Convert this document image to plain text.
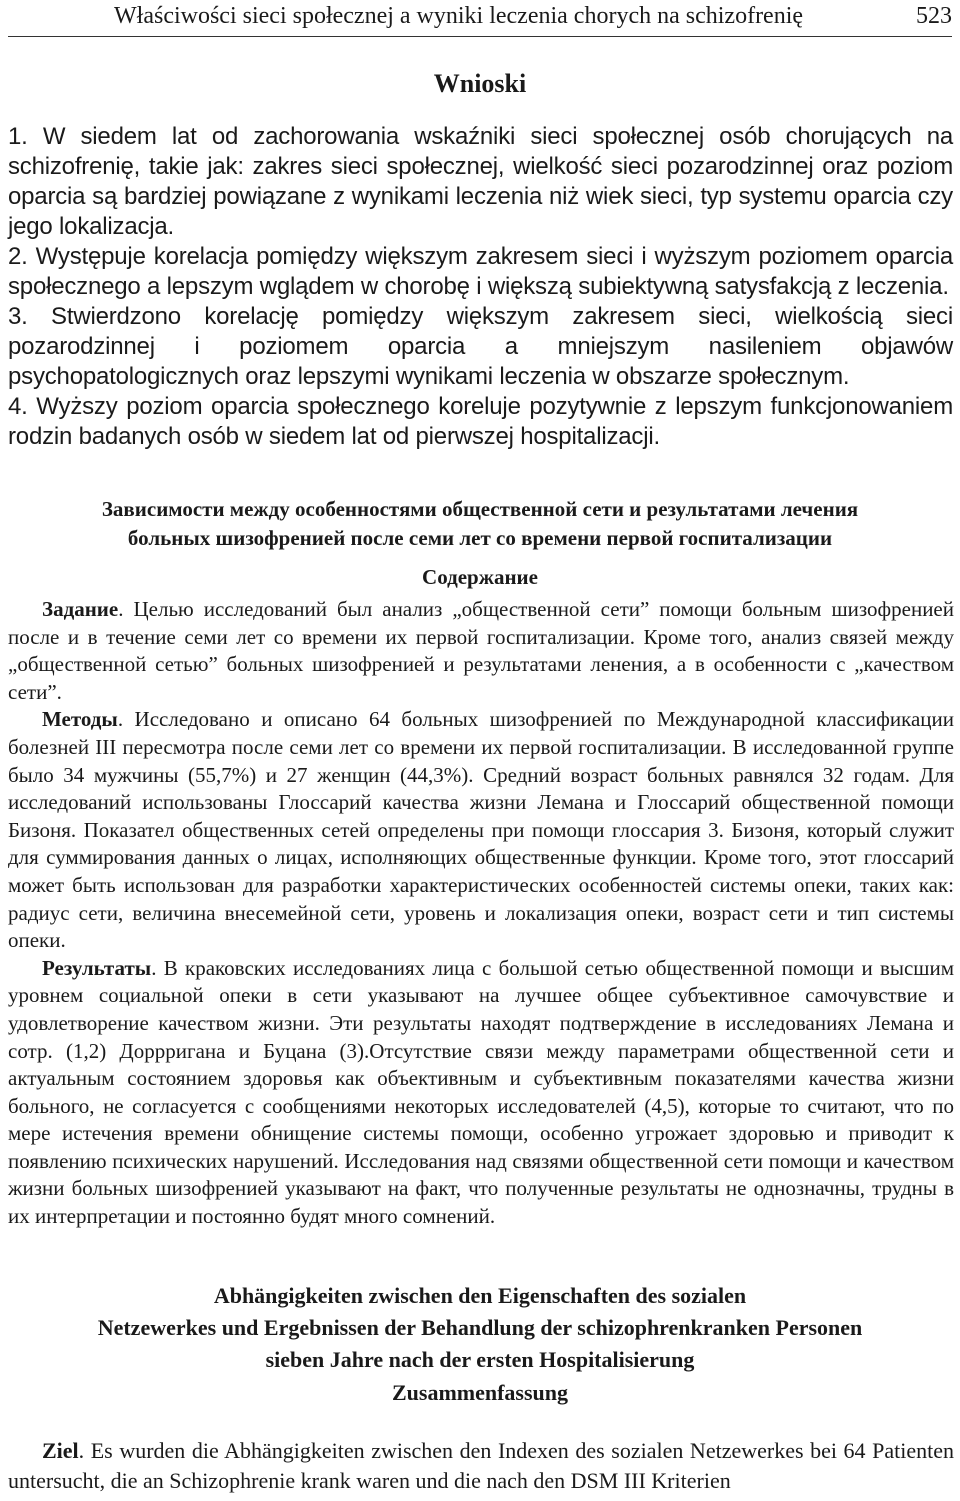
Właściwości sieci społecznej a wyniki leczenia chorych na schizofrenię	523
Wnioski

1. W siedem lat od zachorowania wskaźniki sieci społecznej osób chorujących na schizofrenię, takie jak: zakres sieci społecznej, wielkość sieci pozarodzinnej oraz poziom oparcia są bardziej powiązane z wynikami leczenia niż wiek sieci, typ systemu oparcia czy jego lokalizacja.

2. Występuje korelacja pomiędzy większym zakresem sieci i wyższym poziomem oparcia społecznego a lepszym wglądem w chorobę i większą subiektywną satysfakcją z leczenia.

3. Stwierdzono korelację pomiędzy większym zakresem sieci, wielkością sieci pozarodzinnej i poziomem oparcia a mniejszym nasileniem objawów psychopatologicznych oraz lepszymi wynikami leczenia w obszarze społecznym.

4. Wyższy poziom oparcia społecznego koreluje pozytywnie z lepszym funkcjonowaniem rodzin badanych osób w siedem lat od pierwszej hospitalizacji.

Зависимости между особенностями общественной сети и результатами лечения
больных шизофренией после семи лет со времени первой госпитализации
Содержание

Задание. Целью исследований был анализ „общественной сети” помощи больным шизофренией после и в течение семи лет со времени их первой госпитализации. Кроме того, анализ связей между „общественной сетью” больных шизофренией и результатами ленения, а в особенности с „качеством сети”.

Методы. Исследовано и описано 64 больных шизофренией по Международной классификации болезней III пересмотра после семи лет со времени их первой госпитализации. В исследованной группе было 34 мужчины (55,7%) и 27 женщин (44,3%). Средний возраст больных равнялся 32 годам. Для исследований использованы Глоссарий качества жизни Лемана и Глоссарий общественной помощи Бизоня. Показател общественных сетей определены при помощи глоссария 3. Бизоня, который служит для суммирования данных о лицах, исполняющих общественные функции. Кроме того, этот глоссарий может быть использован для разработки характеристических особенностей системы опеки, таких как: радиус сети, величина внесемейной сети, уровень и локализация опеки, возраст сети и тип системы опеки.

Результаты. В краковских исследованиях лица с большой сетью общественной помощи и высшим уровнем социальной опеки в сети указывают на лучшее общее субъективное самочувствие и удовлетворение качеством жизни. Эти результаты находят подтверждение в исследованиях Лемана и сотр. (1,2) Доррригана и Буцана (3).Отсутствие связи между параметрами общественной сети и актуальным состоянием здоровья как объективным и субъективным показателями качества жизни больного, не согласуется с сообщениями некоторых исследователей (4,5), которые то считают, что по мере истечения времени обнищение системы помощи, особенно угрожает здоровью и приводит к появлению психических нарушений. Исследования над связями общественной сети помощи и качеством жизни больных шизофренией указывают на факт, что полученные результаты не однозначны, трудны в их интерпретации и постоянно будят много сомнений.

Abhängigkeiten zwischen den Eigenschaften des sozialen
Netzewerkes und Ergebnissen der Behandlung der schizophrenkranken Personen
sieben Jahre nach der ersten Hospitalisierung
Zusammenfassung

Ziel. Es wurden die Abhängigkeiten zwischen den Indexen des sozialen Netzewerkes bei 64 Patienten untersucht, die an Schizophrenie krank waren und die nach den DSM III Kriterien
